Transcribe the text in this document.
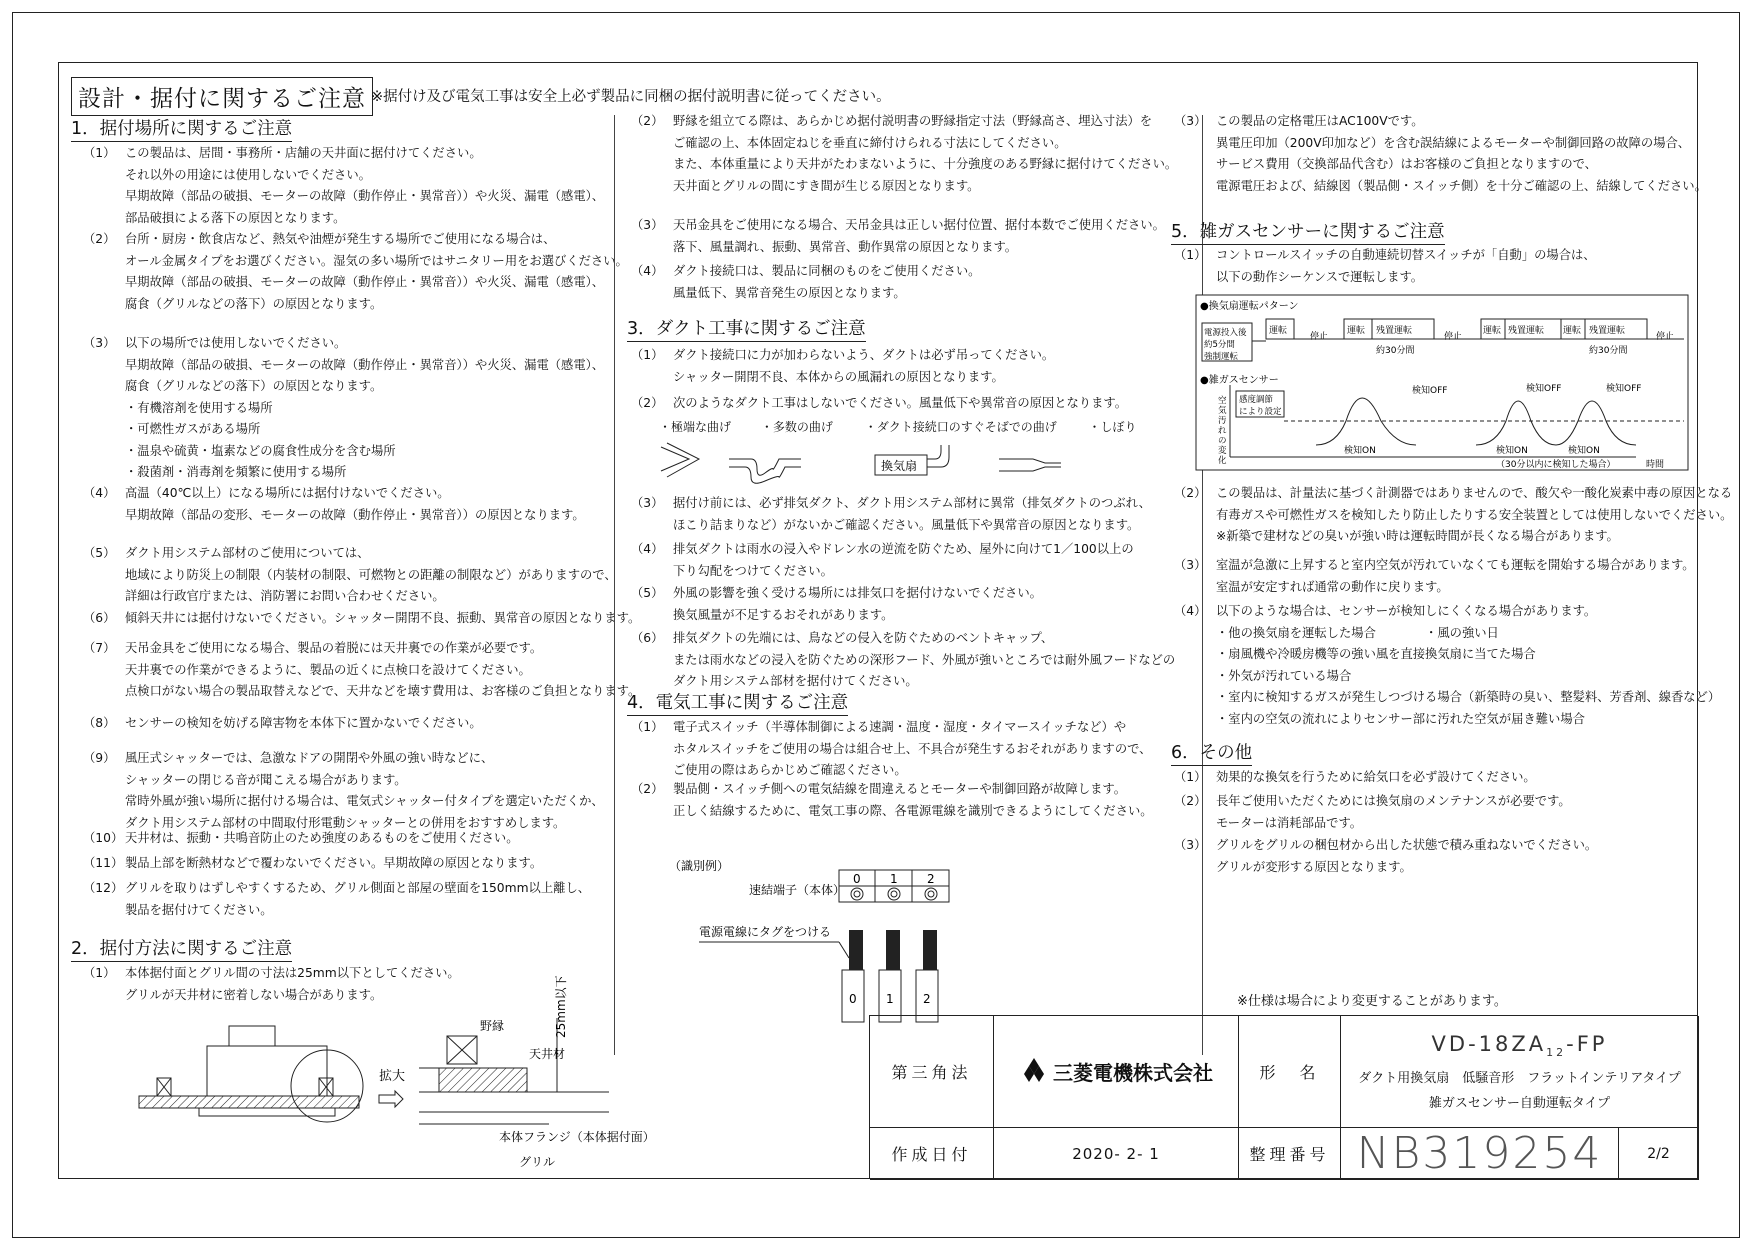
設計・据付に関するご注意 ※据付け及び電気工事は安全上必ず製品に同梱の据付説明書に従ってください。
1．据付場所に関するご注意
（1） この製品は、居間・事務所・店舗の天井面に据付けてください。
それ以外の用途には使用しないでください。
早期故障（部品の破損、モーターの故障（動作停止・異常音））や火災、漏電（感電）、
部品破損による落下の原因となります。
（2） 台所・厨房・飲食店など、熱気や油煙が発生する場所でご使用になる場合は、
オール金属タイプをお選びください。湿気の多い場所ではサニタリー用をお選びください。
早期故障（部品の破損、モーターの故障（動作停止・異常音））や火災、漏電（感電）、
腐食（グリルなどの落下）の原因となります。
（3） 以下の場所では使用しないでください。
早期故障（部品の破損、モーターの故障（動作停止・異常音））や火災、漏電（感電）、
腐食（グリルなどの落下）の原因となります。
・有機溶剤を使用する場所
・可燃性ガスがある場所
・温泉や硫黄・塩素などの腐食性成分を含む場所
・殺菌剤・消毒剤を頻繁に使用する場所
（4） 高温（40℃以上）になる場所には据付けないでください。
早期故障（部品の変形、モーターの故障（動作停止・異常音））の原因となります。
（5） ダクト用システム部材のご使用については、
地域により防災上の制限（内装材の制限、可燃物との距離の制限など）がありますので、
詳細は行政官庁または、消防署にお問い合わせください。
（6） 傾斜天井には据付けないでください。シャッター開閉不良、振動、異常音の原因となります。
（7） 天吊金具をご使用になる場合、製品の着脱には天井裏での作業が必要です。
天井裏での作業ができるように、製品の近くに点検口を設けてください。
点検口がない場合の製品取替えなどで、天井などを壊す費用は、お客様のご負担となります。
（8） センサーの検知を妨げる障害物を本体下に置かないでください。
（9） 風圧式シャッターでは、急激なドアの開閉や外風の強い時などに、
シャッターの閉じる音が聞こえる場合があります。
常時外風が強い場所に据付ける場合は、電気式シャッター付タイプを選定いただくか、
ダクト用システム部材の中間取付形電動シャッターとの併用をおすすめします。
（10） 天井材は、振動・共鳴音防止のため強度のあるものをご使用ください。
（11） 製品上部を断熱材などで覆わないでください。早期故障の原因となります。
（12） グリルを取りはずしやすくするため、グリル側面と部屋の壁面を150mm以上離し、
製品を据付けてください。
2．据付方法に関するご注意
（1） 本体据付面とグリル間の寸法は25mm以下としてください。
グリルが天井材に密着しない場合があります。
拡大
野縁
天井材
25mm以下
本体フランジ（本体据付面）
グリル
（2） 野縁を組立てる際は、あらかじめ据付説明書の野縁指定寸法（野縁高さ、埋込寸法）を
ご確認の上、本体固定ねじを垂直に締付けられる寸法にしてください。
また、本体重量により天井がたわまないように、十分強度のある野縁に据付けてください。
天井面とグリルの間にすき間が生じる原因となります。
（3） 天吊金具をご使用になる場合、天吊金具は正しい据付位置、据付本数でご使用ください。
落下、風量調れ、振動、異常音、動作異常の原因となります。
（4） ダクト接続口は、製品に同梱のものをご使用ください。
風量低下、異常音発生の原因となります。
3．ダクト工事に関するご注意
（1） ダクト接続口に力が加わらないよう、ダクトは必ず吊ってください。
シャッター開閉不良、本体からの風漏れの原因となります。
（2） 次のようなダクト工事はしないでください。風量低下や異常音の原因となります。
（3） 据付け前には、必ず排気ダクト、ダクト用システム部材に異常（排気ダクトのつぶれ、
ほこり詰まりなど）がないかご確認ください。風量低下や異常音の原因となります。
（4） 排気ダクトは雨水の浸入やドレン水の逆流を防ぐため、屋外に向けて1／100以上の
下り勾配をつけてください。
（5） 外風の影響を強く受ける場所には排気口を据付けないでください。
換気風量が不足するおそれがあります。
（6） 排気ダクトの先端には、鳥などの侵入を防ぐためのベントキャップ、
または雨水などの浸入を防ぐための深形フード、外風が強いところでは耐外風フードなどの
ダクト用システム部材を据付けてください。
・極端な曲げ ・多数の曲げ	・ダクト接続口のすぐそばでの曲げ	・しぼり
換気扇
4．電気工事に関するご注意
（1） 電子式スイッチ（半導体制御による速調・温度・湿度・タイマースイッチなど）や
ホタルスイッチをご使用の場合は組合せ上、不具合が発生するおそれがありますので、
ご使用の際はあらかじめご確認ください。
（2） 製品側・スイッチ側への電気結線を間違えるとモーターや制御回路が故障します。
正しく結線するために、電気工事の際、各電源電線を識別できるようにしてください。
（識別例）
速結端子（本体）
0 1 2
電源電線にタグをつける
0 1 2
（3） この製品の定格電圧はAC100Vです。
異電圧印加（200V印加など）を含む誤結線によるモーターや制御回路の故障の場合、
サービス費用（交換部品代含む）はお客様のご負担となりますので、
電源電圧および、結線図（製品側・スイッチ側）を十分ご確認の上、結線してください。
5．雑ガスセンサーに関するご注意
（1） コントロールスイッチの自動連続切替スイッチが「自動」の場合は、
以下の動作シーケンスで運転します。
（2） この製品は、計量法に基づく計測器ではありませんので、酸欠や一酸化炭素中毒の原因となる
有毒ガスや可燃性ガスを検知したり防止したりする安全装置としては使用しないでください。
※新築で建材などの臭いが強い時は運転時間が長くなる場合があります。
（3） 室温が急激に上昇すると室内空気が汚れていなくても運転を開始する場合があります。
室温が安定すれば通常の動作に戻ります。
（4） 以下のような場合は、センサーが検知しにくくなる場合があります。
・他の換気扇を運転した場合　　　　・風の強い日
・扇風機や冷暖房機等の強い風を直接換気扇に当てた場合
・外気が汚れている場合
・室内に検知するガスが発生しつづける場合（新築時の臭い、整髪料、芳香剤、線香など）
・室内の空気の流れによりセンサー部に汚れた空気が届き難い場合
●換気扇運転パターン
電源投入後
約5分間
強制運転
運転
停止
運転 残置運転
約30分間
停止
運転 残置運転 運転 残置運転
約30分間
停止
●雑ガスセンサー
感度調節
により設定
空
気
汚
れ
の
変
化
検知OFF	検知OFF	検知OFF
検知ON	検知ON	検知ON
（30分以内に検知した場合）	時間
6．その他
（1） 効果的な換気を行うために給気口を必ず設けてください。
（2） 長年ご使用いただくためには換気扇のメンテナンスが必要です。
モーターは消耗部品です。
（3） グリルをグリルの梱包材から出した状態で積み重ねないでください。
グリルが変形する原因となります。
※仕様は場合により変更することがあります。
第三角法	三菱電機株式会社	形　名
$VD-18ZA_{12}-FP$
ダクト用換気扇　低騒音形　フラットインテリアタイプ
雑ガスセンサー自動運転タイプ
作成日付	2020- 2- 1	整理番号 NB319254	2/2
